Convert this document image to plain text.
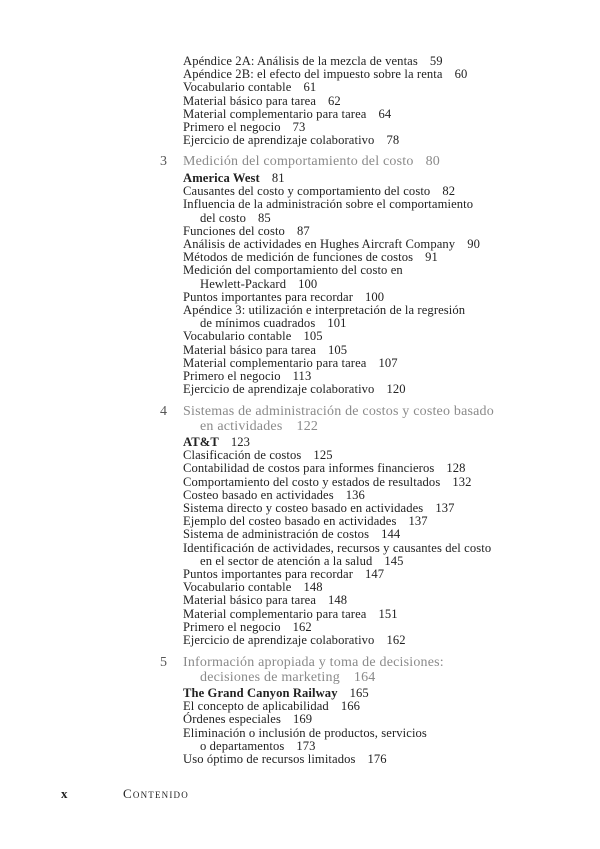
Apéndice 2A: Análisis de la mezcla de ventas 59
Apéndice 2B: el efecto del impuesto sobre la renta 60
Vocabulario contable 61
Material básico para tarea 62
Material complementario para tarea 64
Primero el negocio 73
Ejercicio de aprendizaje colaborativo 78
3 Medición del comportamiento del costo 80
America West 81
Causantes del costo y comportamiento del costo 82
Influencia de la administración sobre el comportamiento
del costo 85
Funciones del costo 87
Análisis de actividades en Hughes Aircraft Company 90
Métodos de medición de funciones de costos 91
Medición del comportamiento del costo en
Hewlett-Packard 100
Puntos importantes para recordar 100
Apéndice 3: utilización e interpretación de la regresión
de mínimos cuadrados 101
Vocabulario contable 105
Material básico para tarea 105
Material complementario para tarea 107
Primero el negocio 113
Ejercicio de aprendizaje colaborativo 120
4 Sistemas de administración de costos y costeo basado
en actividades 122
AT&T 123
Clasificación de costos 125
Contabilidad de costos para informes financieros 128
Comportamiento del costo y estados de resultados 132
Costeo basado en actividades 136
Sistema directo y costeo basado en actividades 137
Ejemplo del costeo basado en actividades 137
Sistema de administración de costos 144
Identificación de actividades, recursos y causantes del costo
en el sector de atención a la salud 145
Puntos importantes para recordar 147
Vocabulario contable 148
Material básico para tarea 148
Material complementario para tarea 151
Primero el negocio 162
Ejercicio de aprendizaje colaborativo 162
5 Información apropiada y toma de decisiones:
decisiones de marketing 164
The Grand Canyon Railway 165
El concepto de aplicabilidad 166
Órdenes especiales 169
Eliminación o inclusión de productos, servicios
o departamentos 173
Uso óptimo de recursos limitados 176
x	Contenido
